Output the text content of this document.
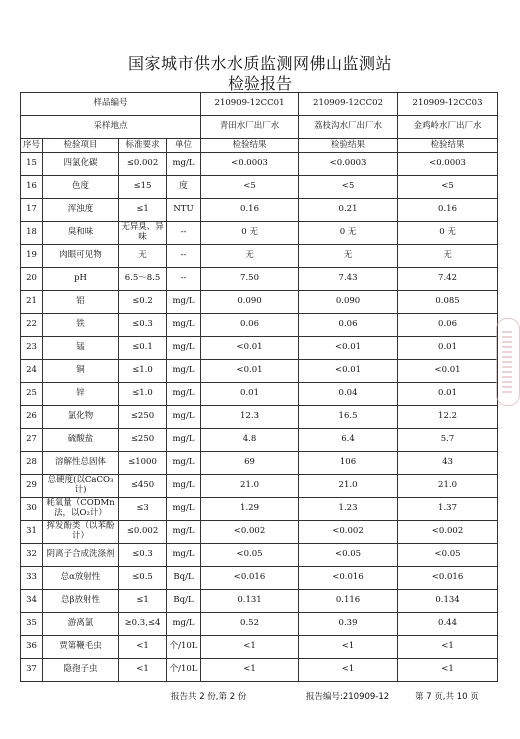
国家城市供水水质监测网佛山监测站
检验报告
样品编号				210909-12CC01	210909-12CC02	210909-12CC03
采样地点				青田水厂出厂水	荔枝沟水厂出厂水	金鸡岭水厂出厂水
序号	检验项目	标准要求	单位	检验结果	检验结果	检验结果
15	四氯化碳	≤0.002	mg/L	<0.0003	<0.0003	<0.0003
16	色度	≤15	度	<5	<5	<5
17	浑浊度	≤1	NTU	0.16	0.21	0.16
18	臭和味	无异臭、异味	--	0 无	0 无	0 无
19	肉眼可见物	无	--	无	无	无
20	pH	6.5～8.5	--	7.50	7.43	7.42
21	铝	≤0.2	mg/L	0.090	0.090	0.085
22	铁	≤0.3	mg/L	0.06	0.06	0.06
23	锰	≤0.1	mg/L	<0.01	<0.01	0.01
24	铜	≤1.0	mg/L	<0.01	<0.01	<0.01
25	锌	≤1.0	mg/L	0.01	0.04	0.01
26	氯化物	≤250	mg/L	12.3	16.5	12.2
27	硫酸盐	≤250	mg/L	4.8	6.4	5.7
28	溶解性总固体	≤1000	mg/L	69	106	43
29	总硬度(以CaCO₃计)	≤450	mg/L	21.0	21.0	21.0
30	耗氧量（CODMn法，以O₂计）	≤3	mg/L	1.29	1.23	1.37
31	挥发酚类（以苯酚计）	≤0.002	mg/L	<0.002	<0.002	<0.002
32	阴离子合成洗涤剂	≤0.3	mg/L	<0.05	<0.05	<0.05
33	总α放射性	≤0.5	Bq/L	<0.016	<0.016	<0.016
34	总β放射性	≤1	Bq/L	0.131	0.116	0.134
35	游离氯	≥0.3,≤4	mg/L	0.52	0.39	0.44
36	贾第鞭毛虫	<1	个/10L	<1	<1	<1
37	隐孢子虫	<1	个/10L	<1	<1	<1
报告共 2 份,第 2 份	报告编号:210909-12	第 7 页,共 10 页
